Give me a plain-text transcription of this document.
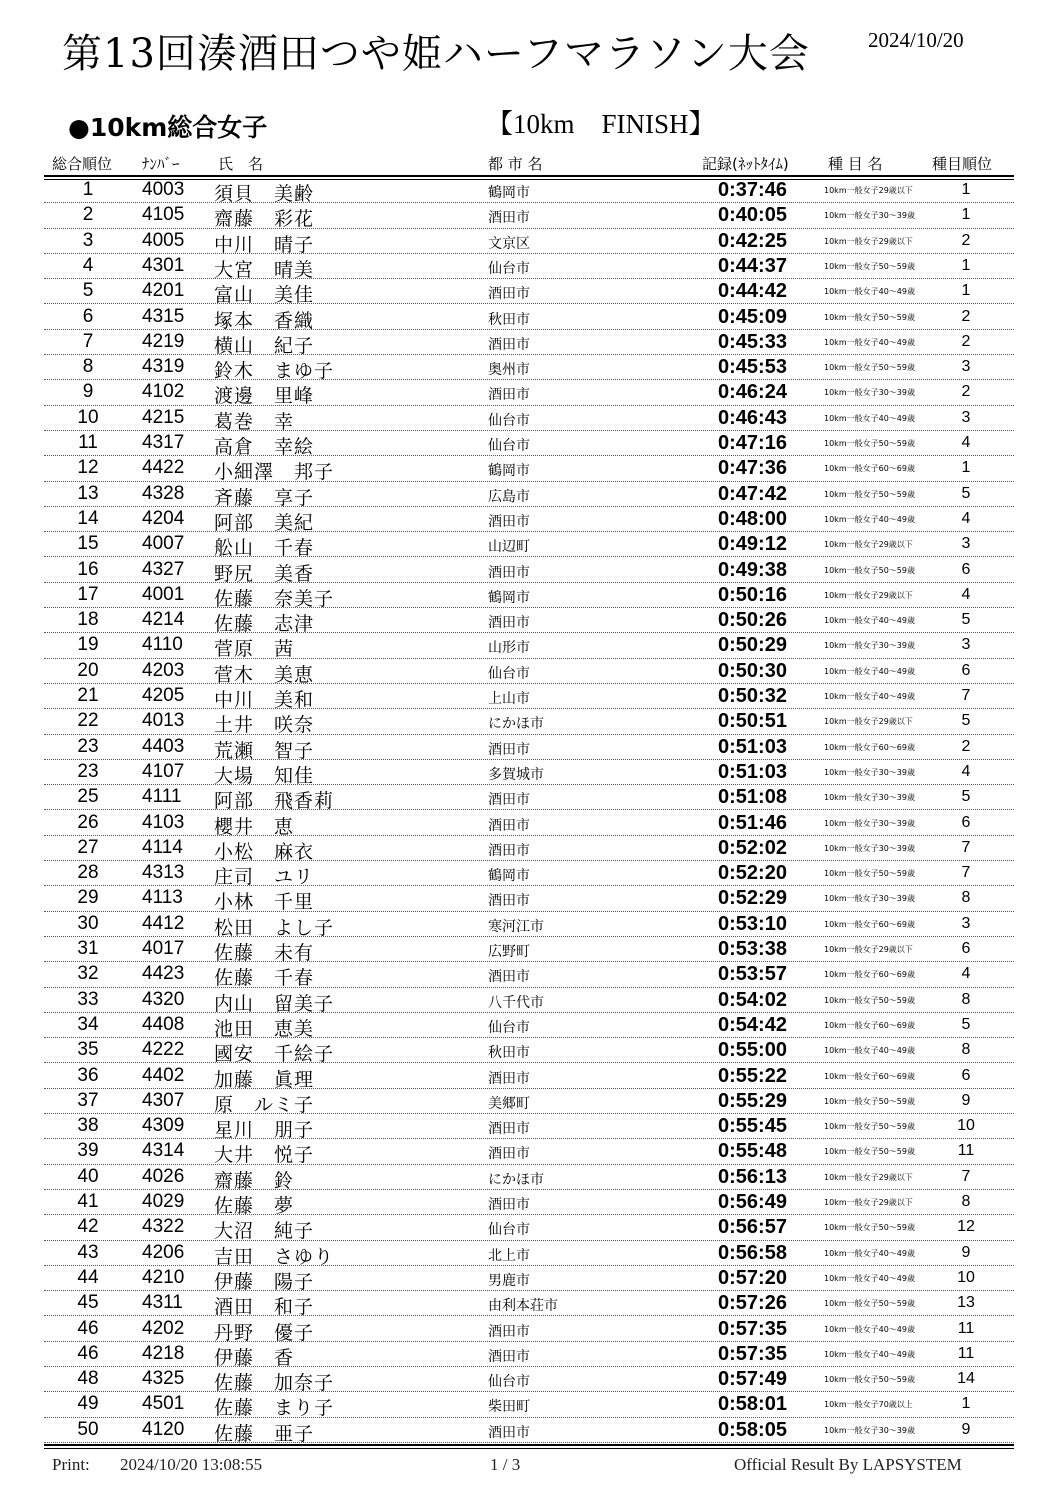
第13回湊酒田つや姫ハーフマラソン大会	2024/10/20
●10km総合女子	【10km　FINISH】
総合順位 ﾅﾝﾊﾞｰ	氏　名	都 市 名	記録(ﾈｯﾄﾀｲﾑ)	種 目 名	種目順位
1	4003 須貝　美齢	鶴岡市	0:37:46	10km一般女子29歳以下	1
2	4105 齋藤　彩花	酒田市	0:40:05	10km一般女子30～39歳	1
3	4005 中川　晴子	文京区	0:42:25	10km一般女子29歳以下	2
4	4301 大宮　晴美	仙台市	0:44:37	10km一般女子50～59歳	1
5	4201 富山　美佳	酒田市	0:44:42	10km一般女子40～49歳	1
6	4315 塚本　香織	秋田市	0:45:09	10km一般女子50～59歳	2
7	4219 横山　紀子	酒田市	0:45:33	10km一般女子40～49歳	2
8	4319 鈴木　まゆ子	奥州市	0:45:53	10km一般女子50～59歳	3
9	4102 渡邊　里峰	酒田市	0:46:24	10km一般女子30～39歳	2
10	4215 葛巻　幸	仙台市	0:46:43	10km一般女子40～49歳	3
11	4317 高倉　幸絵	仙台市	0:47:16	10km一般女子50～59歳	4
12	4422 小細澤　邦子	鶴岡市	0:47:36	10km一般女子60～69歳	1
13	4328 斉藤　享子	広島市	0:47:42	10km一般女子50～59歳	5
14	4204 阿部　美紀	酒田市	0:48:00	10km一般女子40～49歳	4
15	4007 舩山　千春	山辺町	0:49:12	10km一般女子29歳以下	3
16	4327 野尻　美香	酒田市	0:49:38	10km一般女子50～59歳	6
17	4001 佐藤　奈美子	鶴岡市	0:50:16	10km一般女子29歳以下	4
18	4214 佐藤　志津	酒田市	0:50:26	10km一般女子40～49歳	5
19	4110 菅原　茜	山形市	0:50:29	10km一般女子30～39歳	3
20	4203 菅木　美恵	仙台市	0:50:30	10km一般女子40～49歳	6
21	4205 中川　美和	上山市	0:50:32	10km一般女子40～49歳	7
22	4013 土井　咲奈	にかほ市	0:50:51	10km一般女子29歳以下	5
23	4403 荒瀬　智子	酒田市	0:51:03	10km一般女子60～69歳	2
23	4107 大場　知佳	多賀城市	0:51:03	10km一般女子30～39歳	4
25	4111 阿部　飛香莉	酒田市	0:51:08	10km一般女子30～39歳	5
26	4103 櫻井　恵	酒田市	0:51:46	10km一般女子30～39歳	6
27	4114 小松　麻衣	酒田市	0:52:02	10km一般女子30～39歳	7
28	4313 庄司　ユリ	鶴岡市	0:52:20	10km一般女子50～59歳	7
29	4113 小林　千里	酒田市	0:52:29	10km一般女子30～39歳	8
30	4412 松田　よし子	寒河江市	0:53:10	10km一般女子60～69歳	3
31	4017 佐藤　未有	広野町	0:53:38	10km一般女子29歳以下	6
32	4423 佐藤　千春	酒田市	0:53:57	10km一般女子60～69歳	4
33	4320 内山　留美子	八千代市	0:54:02	10km一般女子50～59歳	8
34	4408 池田　恵美	仙台市	0:54:42	10km一般女子60～69歳	5
35	4222 國安　千絵子	秋田市	0:55:00	10km一般女子40～49歳	8
36	4402 加藤　眞理	酒田市	0:55:22	10km一般女子60～69歳	6
37	4307 原　ルミ子	美郷町	0:55:29	10km一般女子50～59歳	9
38	4309 星川　朋子	酒田市	0:55:45	10km一般女子50～59歳	10
39	4314 大井　悦子	酒田市	0:55:48	10km一般女子50～59歳	11
40	4026 齋藤　鈴	にかほ市	0:56:13	10km一般女子29歳以下	7
41	4029 佐藤　夢	酒田市	0:56:49	10km一般女子29歳以下	8
42	4322 大沼　純子	仙台市	0:56:57	10km一般女子50～59歳	12
43	4206 吉田　さゆり	北上市	0:56:58	10km一般女子40～49歳	9
44	4210 伊藤　陽子	男鹿市	0:57:20	10km一般女子40～49歳	10
45	4311 酒田　和子	由利本荘市	0:57:26	10km一般女子50～59歳	13
46	4202 丹野　優子	酒田市	0:57:35	10km一般女子40～49歳	11
46	4218 伊藤　香	酒田市	0:57:35	10km一般女子40～49歳	11
48	4325 佐藤　加奈子	仙台市	0:57:49	10km一般女子50～59歳	14
49	4501 佐藤　まり子	柴田町	0:58:01	10km一般女子70歳以上	1
50	4120 佐藤　亜子	酒田市	0:58:05	10km一般女子30～39歳	9
Print: 2024/10/20 13:08:55	1 / 3	Official Result By LAPSYSTEM
